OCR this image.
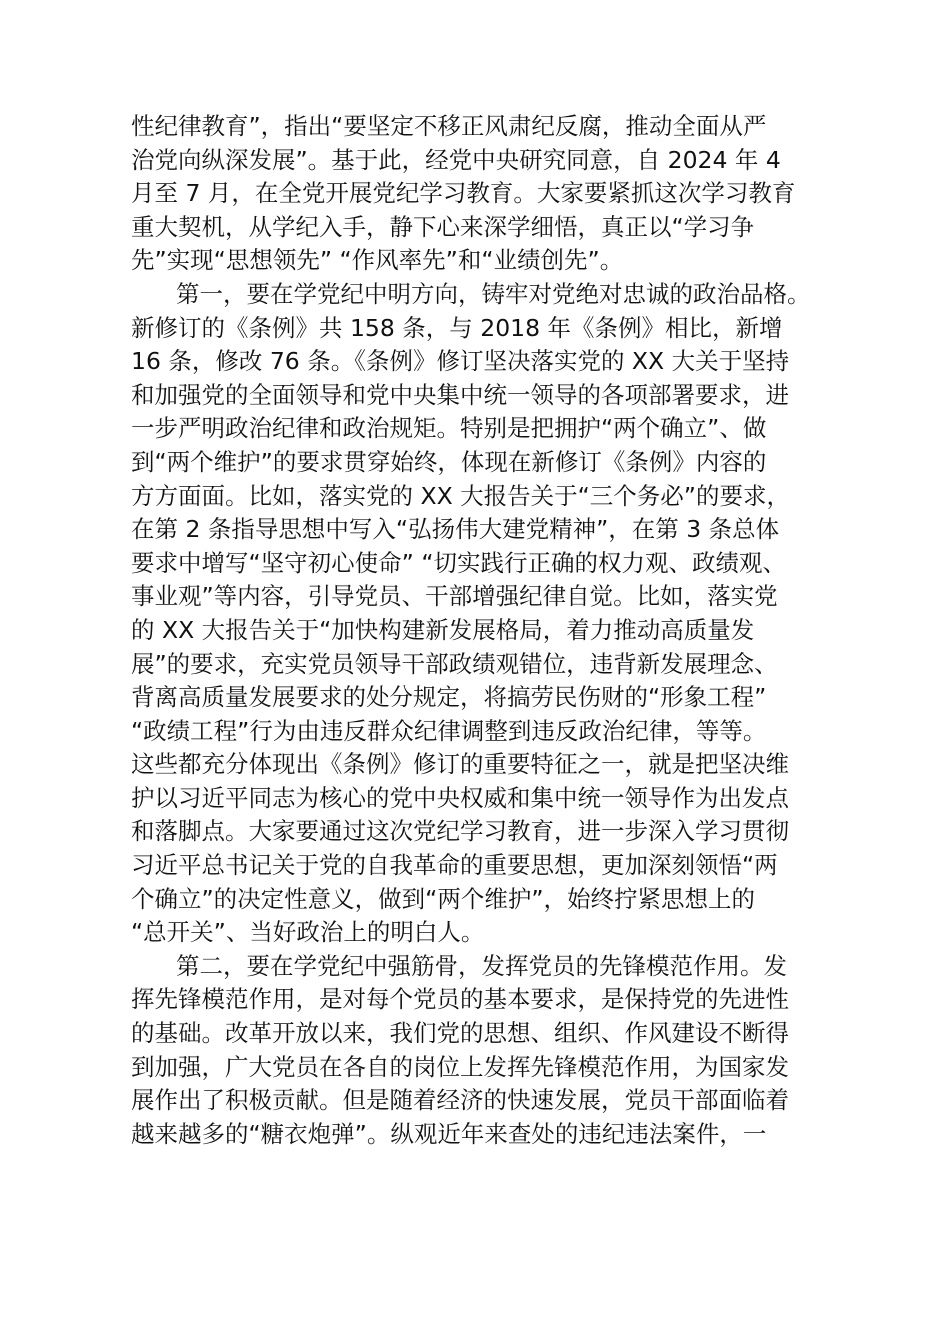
性纪律教育”，指出“要坚定不移正风肃纪反腐，推动全面从严
治党向纵深发展”。基于此，经党中央研究同意，自 2024 年 4
月至 7 月，在全党开展党纪学习教育。大家要紧抓这次学习教育
重大契机，从学纪入手，静下心来深学细悟，真正以“学习争
先”实现“思想领先” “作风率先”和“业绩创先”。
第一，要在学党纪中明方向，铸牢对党绝对忠诚的政治品格。
新修订的《条例》共 158 条，与 2018 年《条例》相比，新增
16 条，修改 76 条。《条例》修订坚决落实党的 XX 大关于坚持
和加强党的全面领导和党中央集中统一领导的各项部署要求，进
一步严明政治纪律和政治规矩。特别是把拥护“两个确立”、做
到“两个维护”的要求贯穿始终，体现在新修订《条例》内容的
方方面面。比如，落实党的 XX 大报告关于“三个务必”的要求，
在第 2 条指导思想中写入“弘扬伟大建党精神”，在第 3 条总体
要求中增写“坚守初心使命” “切实践行正确的权力观、政绩观、
事业观”等内容，引导党员、干部增强纪律自觉。比如，落实党
的 XX 大报告关于“加快构建新发展格局，着力推动高质量发
展”的要求，充实党员领导干部政绩观错位，违背新发展理念、
背离高质量发展要求的处分规定，将搞劳民伤财的“形象工程”
“政绩工程”行为由违反群众纪律调整到违反政治纪律，等等。
这些都充分体现出《条例》修订的重要特征之一，就是把坚决维
护以习近平同志为核心的党中央权威和集中统一领导作为出发点
和落脚点。大家要通过这次党纪学习教育，进一步深入学习贯彻
习近平总书记关于党的自我革命的重要思想，更加深刻领悟“两
个确立”的决定性意义，做到“两个维护”，始终拧紧思想上的
“总开关”、当好政治上的明白人。
第二，要在学党纪中强筋骨，发挥党员的先锋模范作用。发
挥先锋模范作用，是对每个党员的基本要求，是保持党的先进性
的基础。改革开放以来，我们党的思想、组织、作风建设不断得
到加强，广大党员在各自的岗位上发挥先锋模范作用，为国家发
展作出了积极贡献。但是随着经济的快速发展，党员干部面临着
越来越多的“糖衣炮弹”。纵观近年来查处的违纪违法案件，一
